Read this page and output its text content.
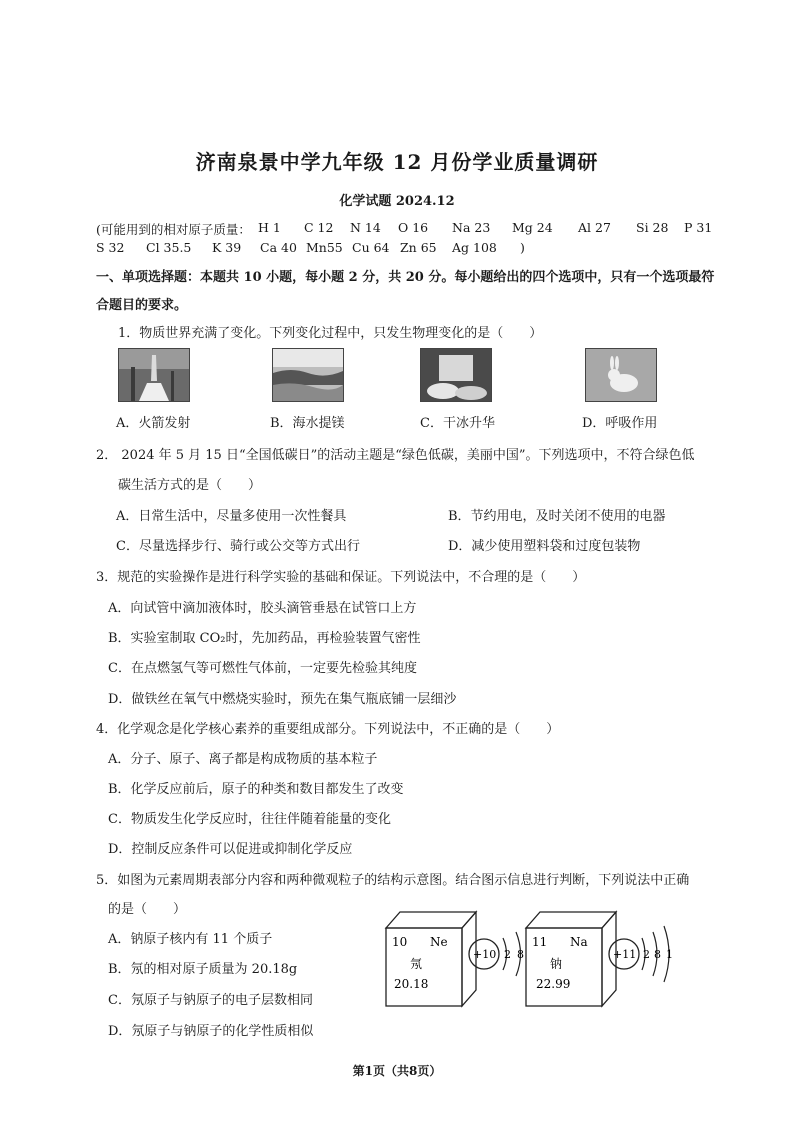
济南泉景中学九年级 12 月份学业质量调研
化学试题 2024.12
(可能用到的相对原子质量： H 1 C 12 N 14 O 16 Na 23 Mg 24 Al 27 Si 28 P 31
S 32 Cl 35.5 K 39 Ca 40 Mn55 Cu 64 Zn 65 Ag 108 )
一、单项选择题：本题共 10 小题，每小题 2 分，共 20 分。每小题给出的四个选项中，只有一个选项最符
合题目的要求。
1．物质世界充满了变化。下列变化过程中，只发生物理变化的是（　　）
A．火箭发射	B．海水提镁	C．干冰升华	D．呼吸作用
2． 2024 年 5 月 15 日“全国低碳日”的活动主题是“绿色低碳，美丽中国”。下列选项中，不符合绿色低
碳生活方式的是（　　）
A．日常生活中，尽量多使用一次性餐具	B．节约用电，及时关闭不使用的电器
C．尽量选择步行、骑行或公交等方式出行	D．减少使用塑料袋和过度包装物
3．规范的实验操作是进行科学实验的基础和保证。下列说法中，不合理的是（　　）
A．向试管中滴加液体时，胶头滴管垂悬在试管口上方
B．实验室制取 CO₂时，先加药品，再检验装置气密性
C．在点燃氢气等可燃性气体前，一定要先检验其纯度
D．做铁丝在氧气中燃烧实验时，预先在集气瓶底铺一层细沙
4．化学观念是化学核心素养的重要组成部分。下列说法中，不正确的是（　　）
A．分子、原子、离子都是构成物质的基本粒子
B．化学反应前后，原子的种类和数目都发生了改变
C．物质发生化学反应时，往往伴随着能量的变化
D．控制反应条件可以促进或抑制化学反应
5．如图为元素周期表部分内容和两种微观粒子的结构示意图。结合图示信息进行判断，下列说法中正确
的是（　　）
A．钠原子核内有 11 个质子
B．氖的相对原子质量为 20.18g
C．氖原子与钠原子的电子层数相同
D．氖原子与钠原子的化学性质相似
10 Ne
氖
20.18
+10 2 8
11 Na
钠
22.99
+11 2 8 1
第1页（共8页）
